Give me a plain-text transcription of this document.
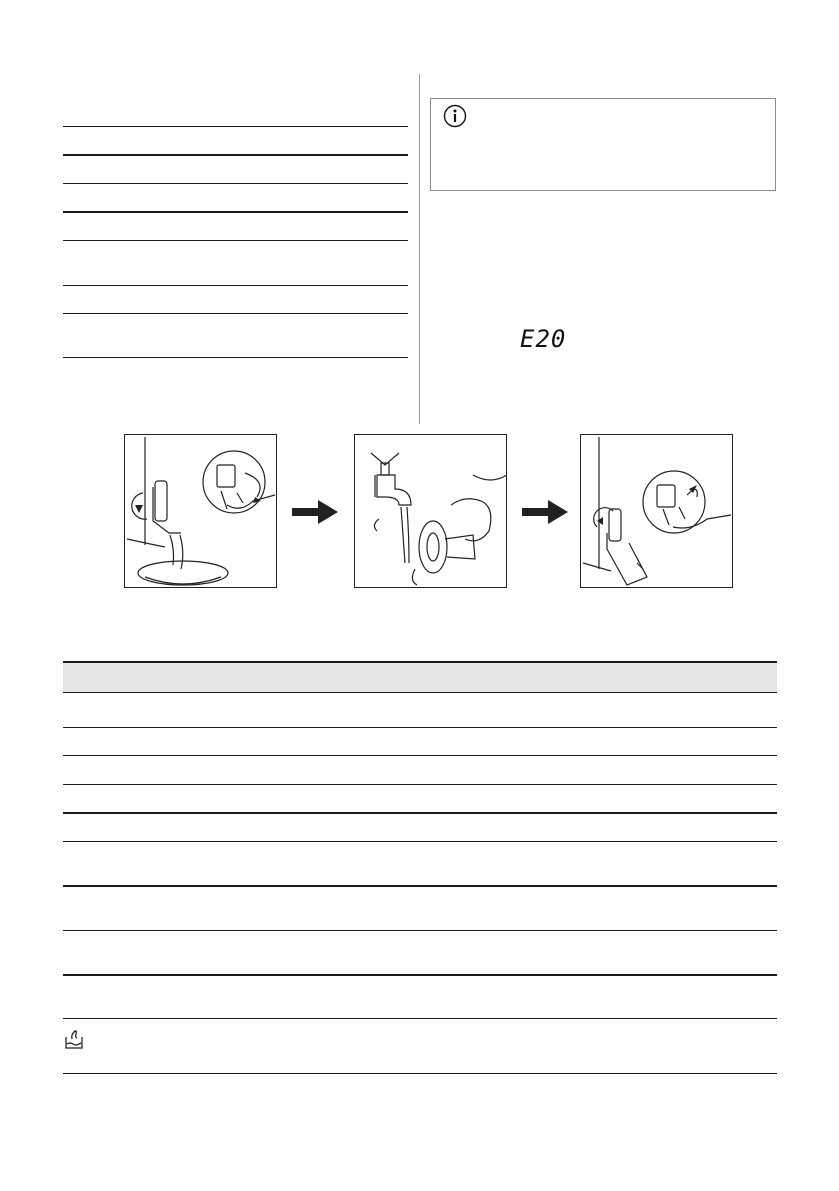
E20
